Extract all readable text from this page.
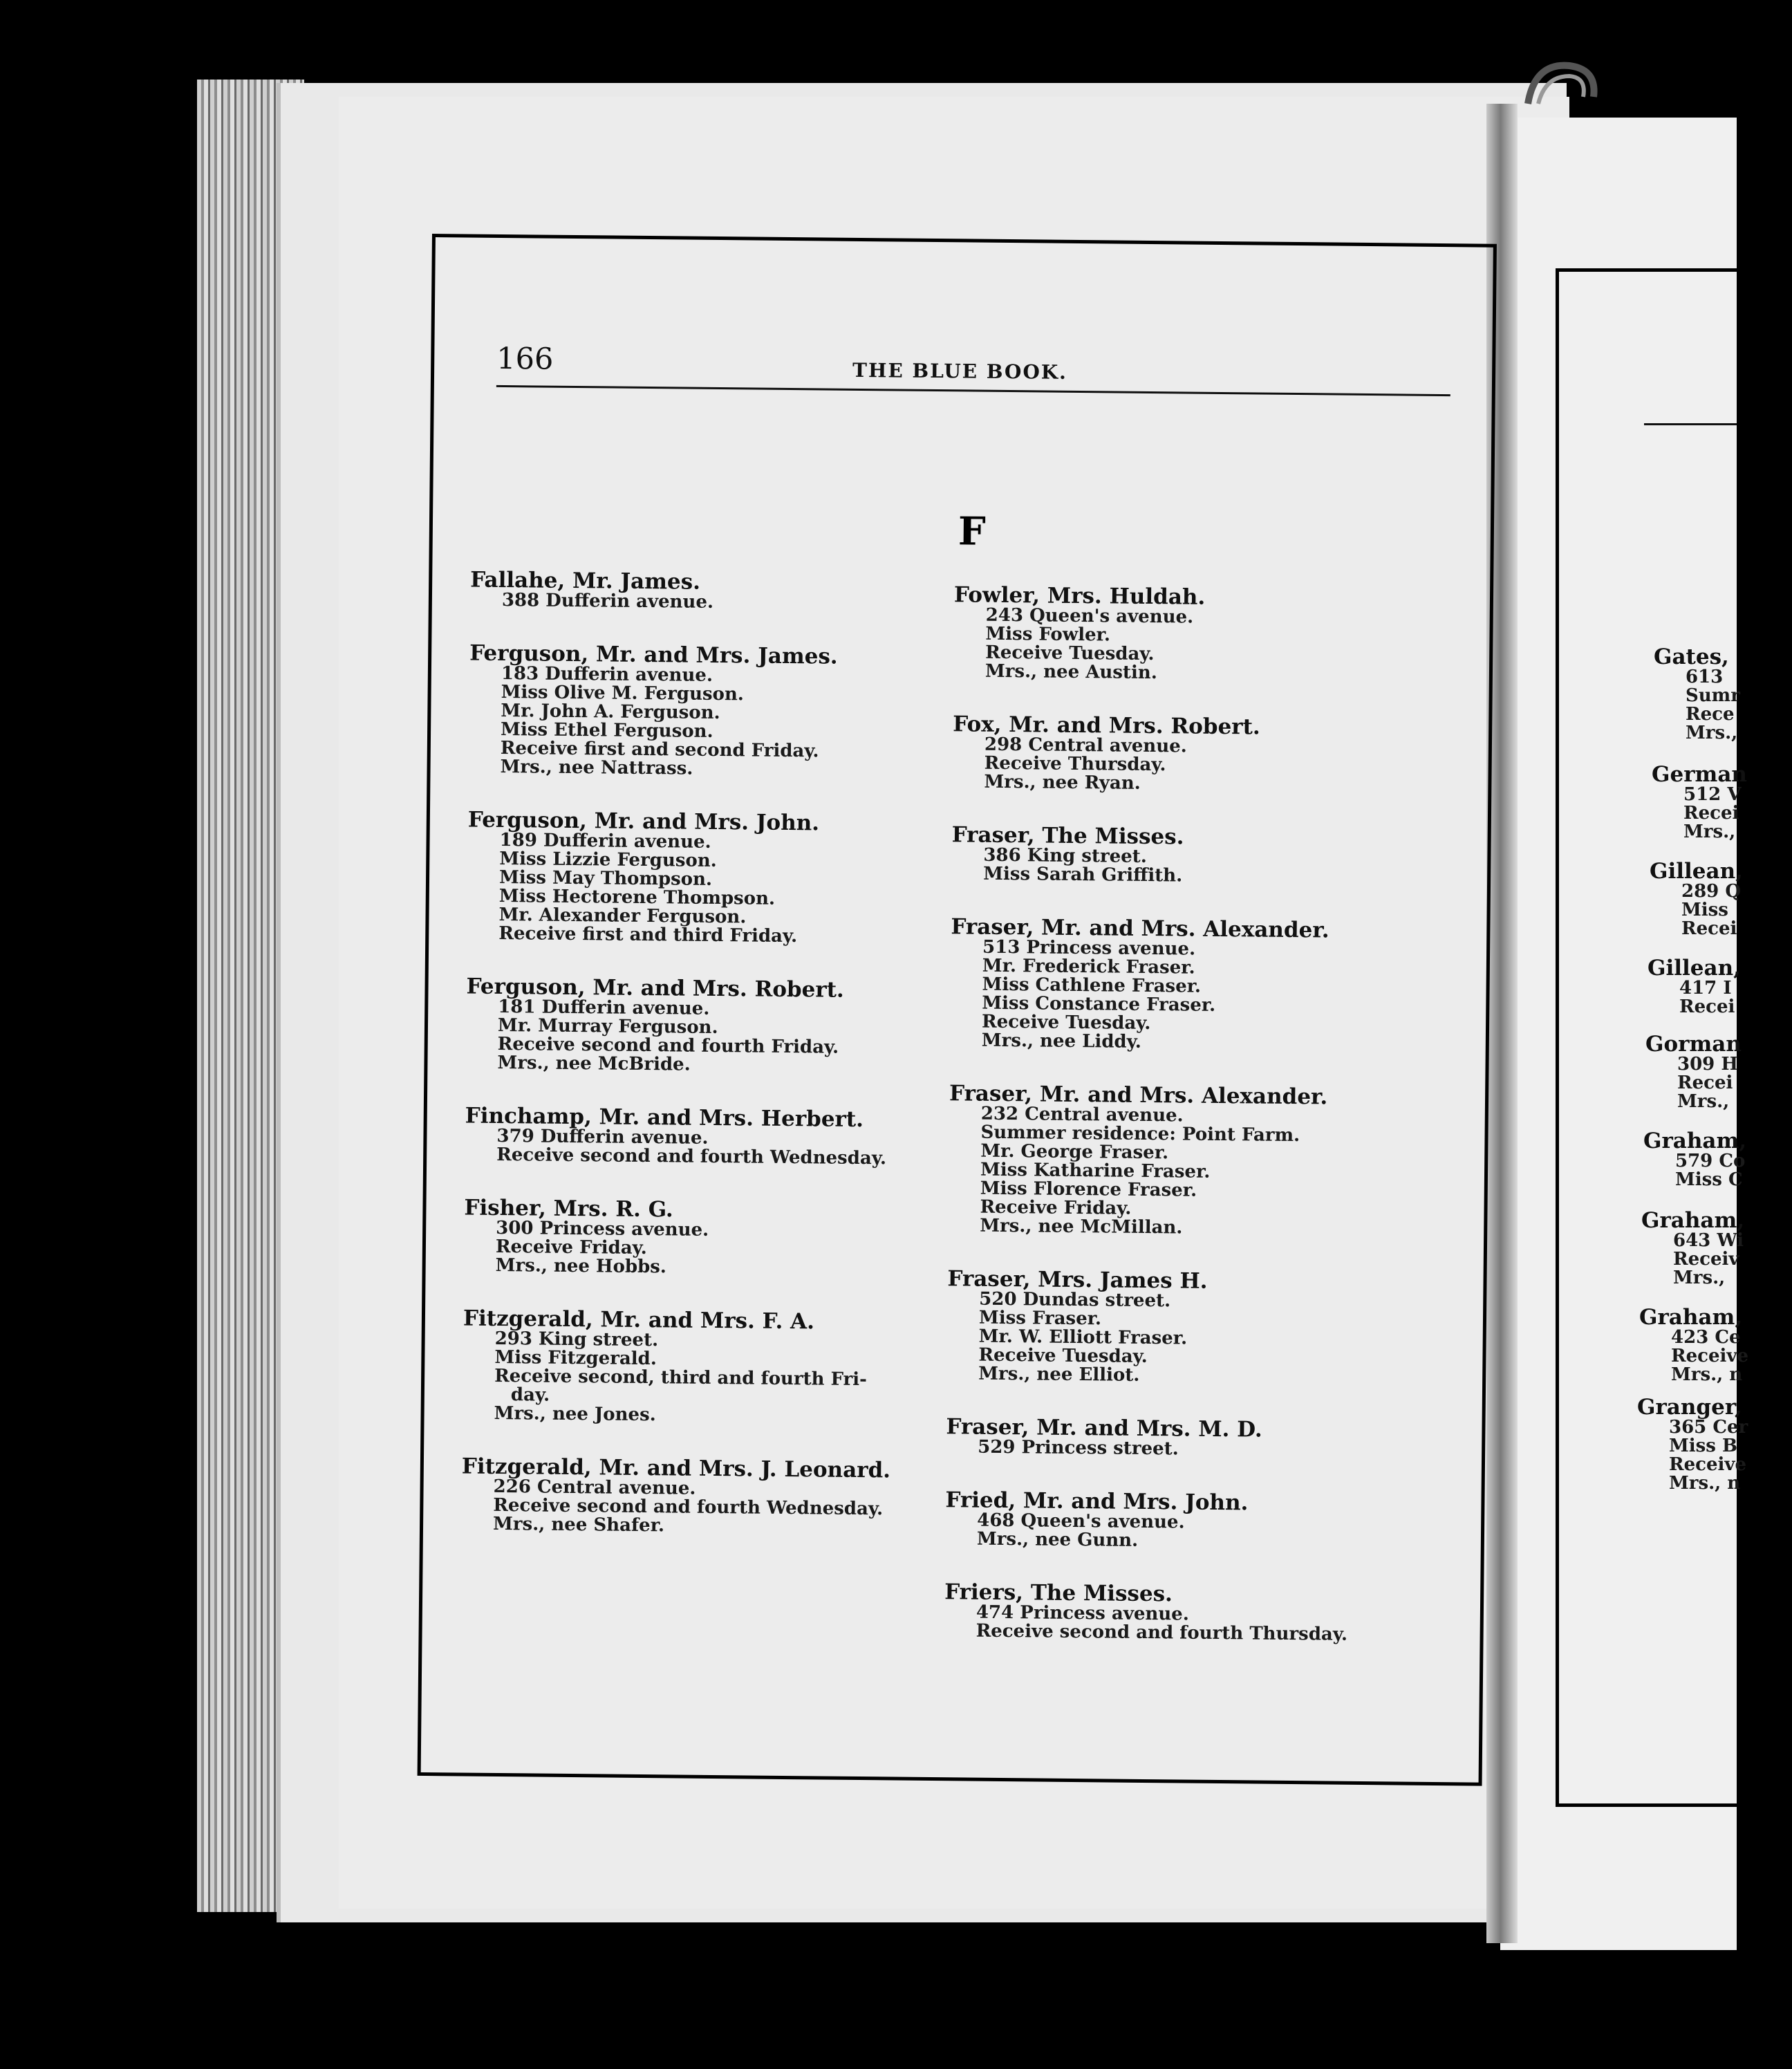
166	THE BLUE BOOK.
F
Fallahe, Mr. James.
388 Dufferin avenue.
Ferguson, Mr. and Mrs. James.
183 Dufferin avenue.
Miss Olive M. Ferguson.
Mr. John A. Ferguson.
Miss Ethel Ferguson.
Receive first and second Friday.
Mrs., nee Nattrass.
Ferguson, Mr. and Mrs. John.
189 Dufferin avenue.
Miss Lizzie Ferguson.
Miss May Thompson.
Miss Hectorene Thompson.
Mr. Alexander Ferguson.
Receive first and third Friday.
Ferguson, Mr. and Mrs. Robert.
181 Dufferin avenue.
Mr. Murray Ferguson.
Receive second and fourth Friday.
Mrs., nee McBride.
Finchamp, Mr. and Mrs. Herbert.
379 Dufferin avenue.
Receive second and fourth Wednesday.
Fisher, Mrs. R. G.
300 Princess avenue.
Receive Friday.
Mrs., nee Hobbs.
Fitzgerald, Mr. and Mrs. F. A.
293 King street.
Miss Fitzgerald.
Receive second, third and fourth Fri-
day.
Mrs., nee Jones.
Fitzgerald, Mr. and Mrs. J. Leonard.
226 Central avenue.
Receive second and fourth Wednesday.
Mrs., nee Shafer.
Fowler, Mrs. Huldah.
243 Queen's avenue.
Miss Fowler.
Receive Tuesday.
Mrs., nee Austin.
Fox, Mr. and Mrs. Robert.
298 Central avenue.
Receive Thursday.
Mrs., nee Ryan.
Fraser, The Misses.
386 King street.
Miss Sarah Griffith.
Fraser, Mr. and Mrs. Alexander.
513 Princess avenue.
Mr. Frederick Fraser.
Miss Cathlene Fraser.
Miss Constance Fraser.
Receive Tuesday.
Mrs., nee Liddy.
Fraser, Mr. and Mrs. Alexander.
232 Central avenue.
Summer residence: Point Farm.
Mr. George Fraser.
Miss Katharine Fraser.
Miss Florence Fraser.
Receive Friday.
Mrs., nee McMillan.
Fraser, Mrs. James H.
520 Dundas street.
Miss Fraser.
Mr. W. Elliott Fraser.
Receive Tuesday.
Mrs., nee Elliot.
Fraser, Mr. and Mrs. M. D.
529 Princess street.
Fried, Mr. and Mrs. John.
468 Queen's avenue.
Mrs., nee Gunn.
Friers, The Misses.
474 Princess avenue.
Receive second and fourth Thursday.
Gates,
613
Sumr
Rece
Mrs.,
German
512 V
Recei
Mrs.,
Gillean,
289 Q
Miss
Recei
Gillean,
417 I
Recei
Gorman
309 H
Recei
Mrs.,
Graham,
579 Co
Miss C
Graham,
643 Wi
Receiv
Mrs.,
Graham,
423 Ce
Receive
Mrs., n
Granger,
365 Cer
Miss B
Receive
Mrs., n
